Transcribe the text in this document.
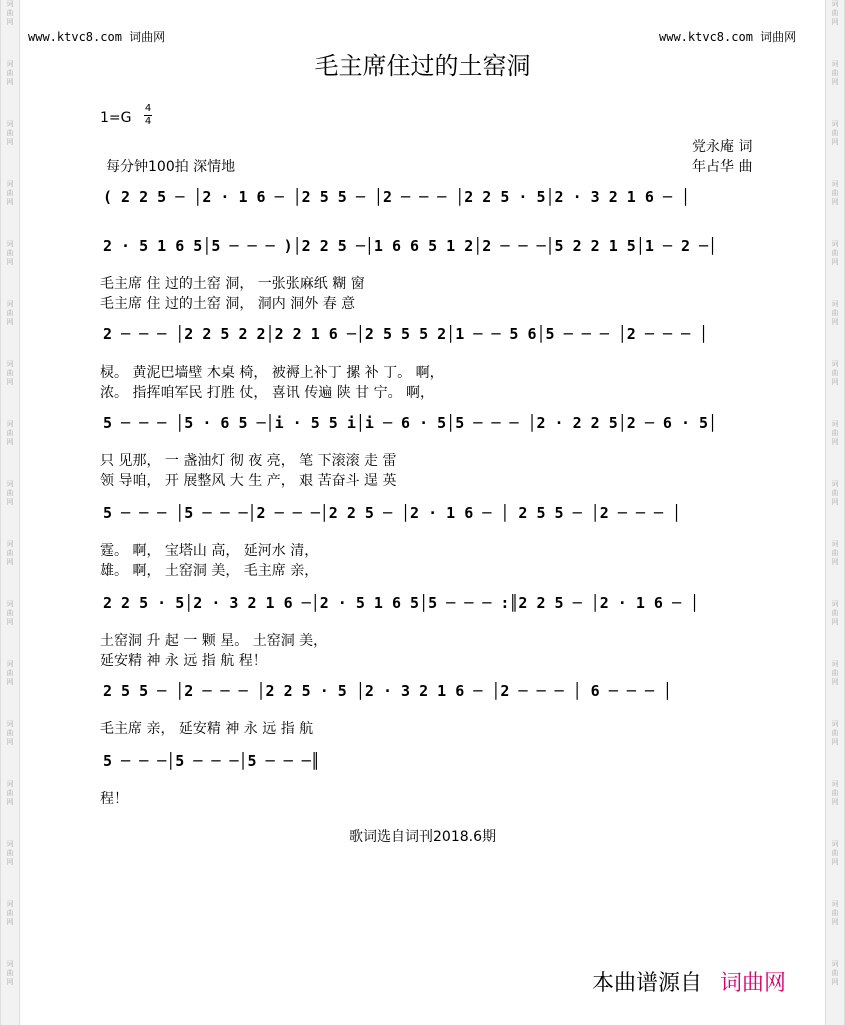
词
曲
网
词
曲
网
词
曲
网
词
曲
网
词
曲
网
词
曲
网
词
曲
网
词
曲
网
词
曲
网
词
曲
网
词
曲
网
词
曲
网
词
曲
网
词
曲
网
词
曲
网
词
曲
网
词
曲
网
词
曲
网
词
曲
网
词
曲
网
词
曲
网
词
曲
网
词
曲
网
词
曲
网
词
曲
网
词
曲
网
词
曲
网
词
曲
网
词
曲
网
词
曲
网
词
曲
网
词
曲
网
词
曲
网
词
曲
网
www.ktvc8.com 词曲网	www.ktvc8.com 词曲网
毛主席住过的土窑洞
1=G
4
4
党永庵 词
年占华 曲
每分钟100拍 深情地
( 2 2 5 ─ │2 · 1 6 ─ │2 5 5 ─ │2 ─ ─ ─ │2 2 5 · 5│2 · 3 2 1 6 ─ │
2 · 5 1 6 5│5 ─ ─ ─ )│2 2 5 ─│1 6 6 5 1 2│2 ─ ─ ─│5 2 2 1 5│1 ─ 2 ─│
毛主席 住 过的土窑 洞， 一张张麻纸 糊 窗
毛主席 住 过的土窑 洞， 洞内 洞外 春 意
2 ─ ─ ─ │2 2 5 2 2│2 2 1 6 ─│2 5 5 5 2│1 ─ ─ 5 6│5 ─ ─ ─ │2 ─ ─ ─ │
棂。 黄泥巴墙壁 木桌 椅， 被褥上补丁 摞 补 丁。 啊，
浓。 指挥咱军民 打胜 仗， 喜讯 传遍 陕 甘 宁。 啊，
5 ─ ─ ─ │5 · 6 5 ─│i · 5 5 i│i ─ 6 · 5│5 ─ ─ ─ │2 · 2 2 5│2 ─ 6 · 5│
只 见那， 一 盏油灯 彻 夜 亮， 笔 下滚滚 走 雷
领 导咱， 开 展整风 大 生 产， 艰 苦奋斗 逞 英
5 ─ ─ ─ │5 ─ ─ ─│2 ─ ─ ─│2 2 5 ─ │2 · 1 6 ─ │ 2 5 5 ─ │2 ─ ─ ─ │
霆。 啊， 宝塔山 高， 延河水 清，
雄。 啊， 土窑洞 美， 毛主席 亲，
2 2 5 · 5│2 · 3 2 1 6 ─│2 · 5 1 6 5│5 ─ ─ ─ :║2 2 5 ─ │2 · 1 6 ─ │
土窑洞 升 起 一 颗 星。 土窑洞 美，
延安精 神 永 远 指 航 程！
2 5 5 ─ │2 ─ ─ ─ │2 2 5 · 5 │2 · 3 2 1 6 ─ │2 ─ ─ ─ │ 6 ─ ─ ─ │
毛主席 亲， 延安精 神 永 远 指 航
5 ─ ─ ─│5 ─ ─ ─│5 ─ ─ ─║
程！
歌词选自词刊2018.6期
本曲谱源自 词曲网
